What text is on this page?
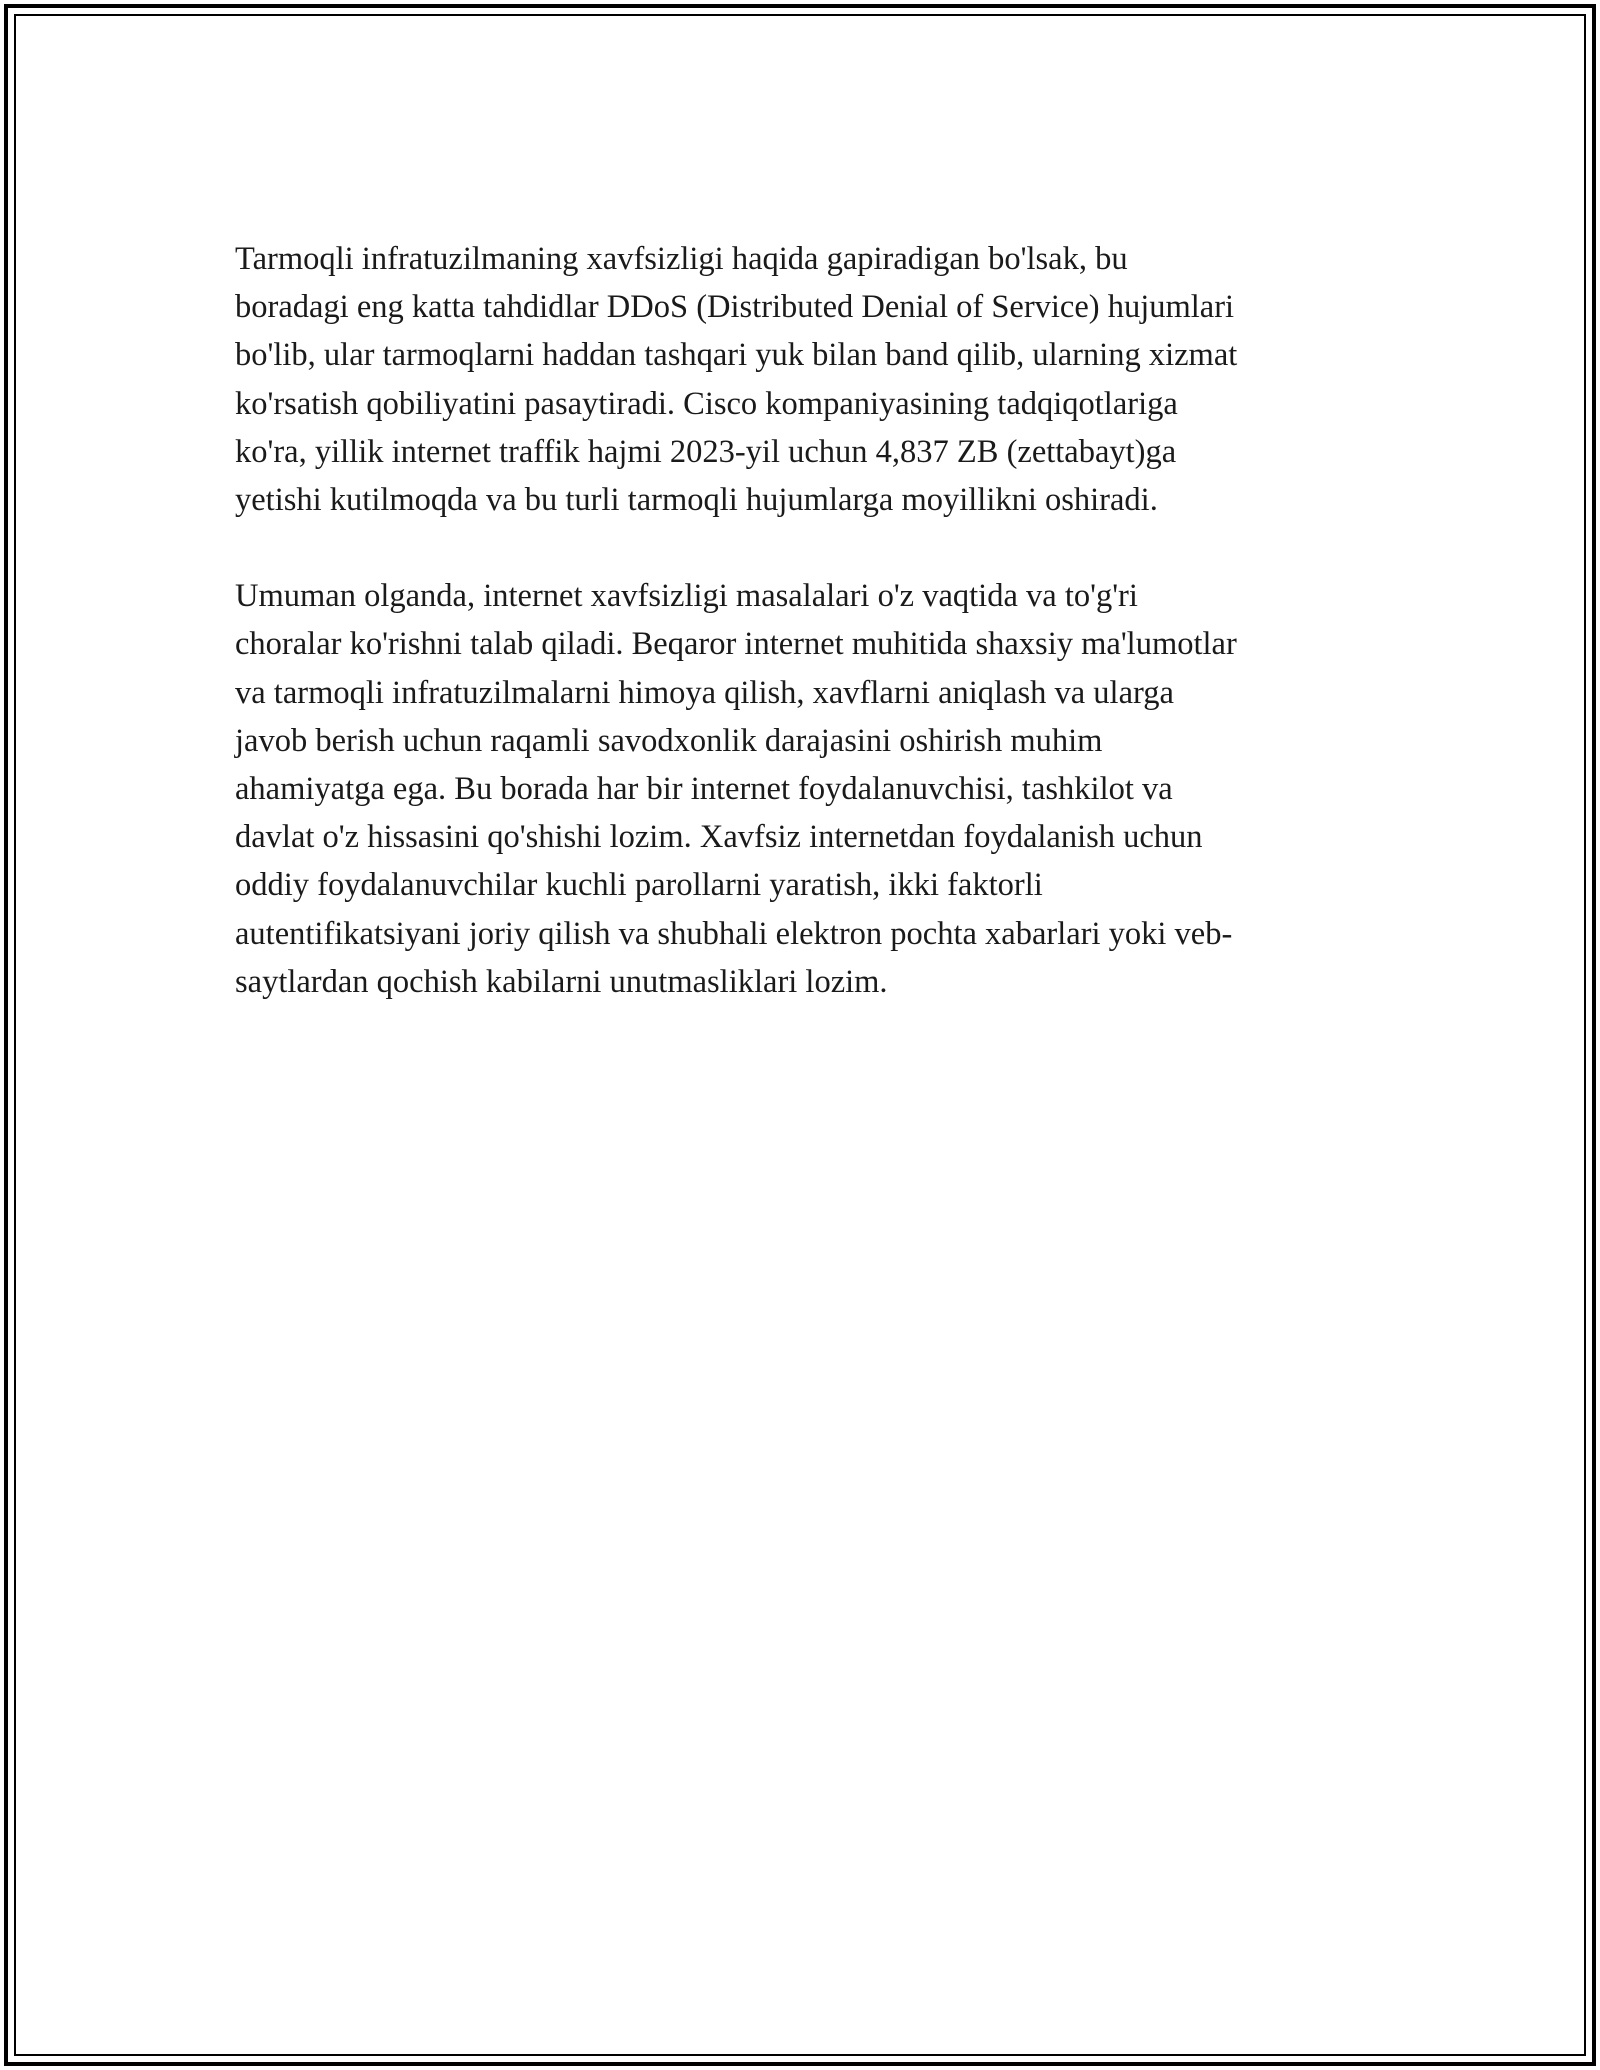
Tarmoqli infratuzilmaning xavfsizligi haqida gapiradigan bo'lsak, bu
boradagi eng katta tahdidlar DDoS (Distributed Denial of Service) hujumlari
bo'lib, ular tarmoqlarni haddan tashqari yuk bilan band qilib, ularning xizmat
ko'rsatish qobiliyatini pasaytiradi. Cisco kompaniyasining tadqiqotlariga
ko'ra, yillik internet traffik hajmi 2023-yil uchun 4,837 ZB (zettabayt)ga
yetishi kutilmoqda va bu turli tarmoqli hujumlarga moyillikni oshiradi.

Umuman olganda, internet xavfsizligi masalalari o'z vaqtida va to'g'ri
choralar ko'rishni talab qiladi. Beqaror internet muhitida shaxsiy ma'lumotlar
va tarmoqli infratuzilmalarni himoya qilish, xavflarni aniqlash va ularga
javob berish uchun raqamli savodxonlik darajasini oshirish muhim
ahamiyatga ega. Bu borada har bir internet foydalanuvchisi, tashkilot va
davlat o'z hissasini qo'shishi lozim. Xavfsiz internetdan foydalanish uchun
oddiy foydalanuvchilar kuchli parollarni yaratish, ikki faktorli
autentifikatsiyani joriy qilish va shubhali elektron pochta xabarlari yoki veb-
saytlardan qochish kabilarni unutmasliklari lozim.
